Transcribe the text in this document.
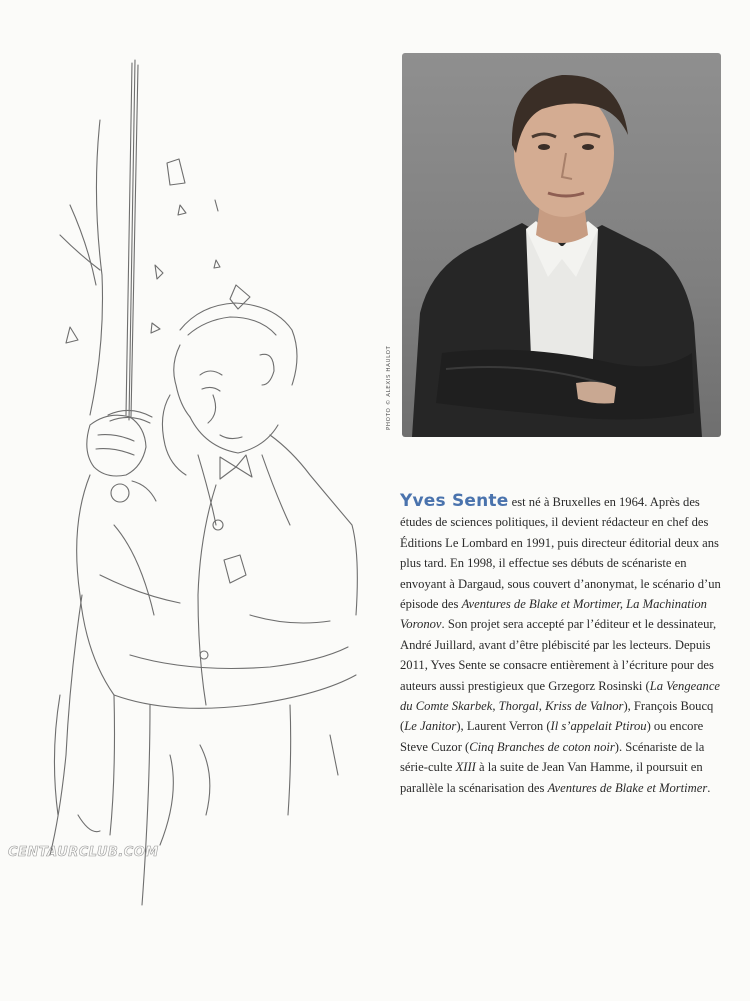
PHOTO © ALEXIS HAULOT

Yves Sente est né à Bruxelles en 1964. Après des études de sciences politiques, il devient rédacteur en chef des Éditions Le Lombard en 1991, puis directeur éditorial deux ans plus tard. En 1998, il effectue ses débuts de scénariste en envoyant à Dargaud, sous couvert d’anonymat, le scénario d’un épisode des Aventures de Blake et Mortimer, La Machination Voronov. Son projet sera accepté par l’éditeur et le dessinateur, André Juillard, avant d’être plébiscité par les lecteurs. Depuis 2011, Yves Sente se consacre entièrement à l’écriture pour des auteurs aussi prestigieux que Grzegorz Rosinski (La Vengeance du Comte Skarbek, Thorgal, Kriss de Valnor), François Boucq (Le Janitor), Laurent Verron (Il s’appelait Ptirou) ou encore Steve Cuzor (Cinq Branches de coton noir). Scénariste de la série-culte XIII à la suite de Jean Van Hamme, il poursuit en parallèle la scénarisation des Aventures de Blake et Mortimer.

CENTAURCLUB.COM
